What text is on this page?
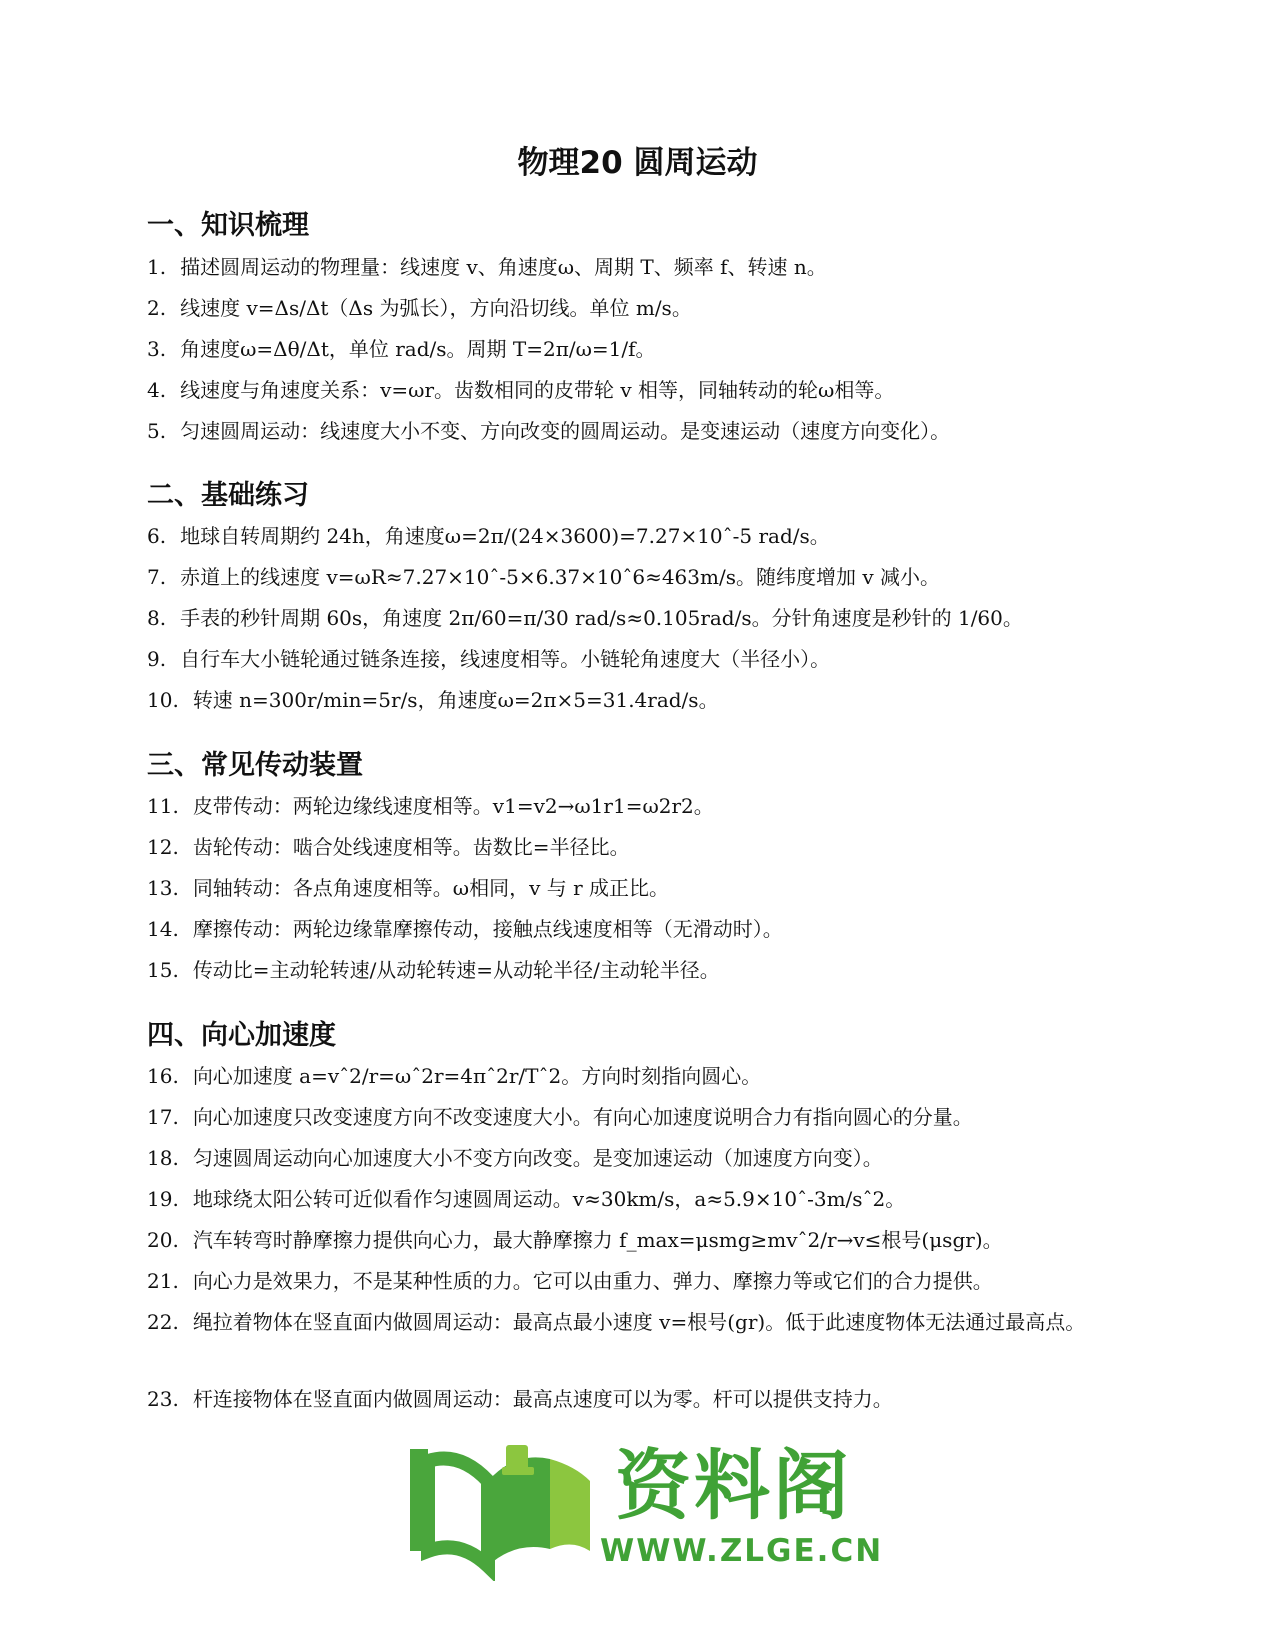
物理20 圆周运动
一、知识梳理
1. 描述圆周运动的物理量：线速度 v、角速度ω、周期 T、频率 f、转速 n。
2. 线速度 v=Δs/Δt（Δs 为弧长），方向沿切线。单位 m/s。
3. 角速度ω=Δθ/Δt，单位 rad/s。周期 T=2π/ω=1/f。
4. 线速度与角速度关系：v=ωr。齿数相同的皮带轮 v 相等，同轴转动的轮ω相等。
5. 匀速圆周运动：线速度大小不变、方向改变的圆周运动。是变速运动（速度方向变化）。
二、基础练习
6. 地球自转周期约 24h，角速度ω=2π/(24×3600)=7.27×10ˆ-5 rad/s。
7. 赤道上的线速度 v=ωR≈7.27×10ˆ-5×6.37×10ˆ6≈463m/s。随纬度增加 v 减小。
8. 手表的秒针周期 60s，角速度 2π/60=π/30 rad/s≈0.105rad/s。分针角速度是秒针的 1/60。
9. 自行车大小链轮通过链条连接，线速度相等。小链轮角速度大（半径小）。
10. 转速 n=300r/min=5r/s，角速度ω=2π×5=31.4rad/s。
三、常见传动装置
11. 皮带传动：两轮边缘线速度相等。v1=v2→ω1r1=ω2r2。
12. 齿轮传动：啮合处线速度相等。齿数比=半径比。
13. 同轴转动：各点角速度相等。ω相同，v 与 r 成正比。
14. 摩擦传动：两轮边缘靠摩擦传动，接触点线速度相等（无滑动时）。
15. 传动比=主动轮转速/从动轮转速=从动轮半径/主动轮半径。
四、向心加速度
16. 向心加速度 a=vˆ2/r=ωˆ2r=4πˆ2r/Tˆ2。方向时刻指向圆心。
17. 向心加速度只改变速度方向不改变速度大小。有向心加速度说明合力有指向圆心的分量。
18. 匀速圆周运动向心加速度大小不变方向改变。是变加速运动（加速度方向变）。
19. 地球绕太阳公转可近似看作匀速圆周运动。v≈30km/s，a≈5.9×10ˆ-3m/sˆ2。
20. 汽车转弯时静摩擦力提供向心力，最大静摩擦力 f_max=μsmg≥mvˆ2/r→v≤根号(μsgr)。
21. 向心力是效果力，不是某种性质的力。它可以由重力、弹力、摩擦力等或它们的合力提供。
22. 绳拉着物体在竖直面内做圆周运动：最高点最小速度 v=根号(gr)。低于此速度物体无法通过最高点。
23. 杆连接物体在竖直面内做圆周运动：最高点速度可以为零。杆可以提供支持力。
资料阁
WWW.ZLGE.CN
